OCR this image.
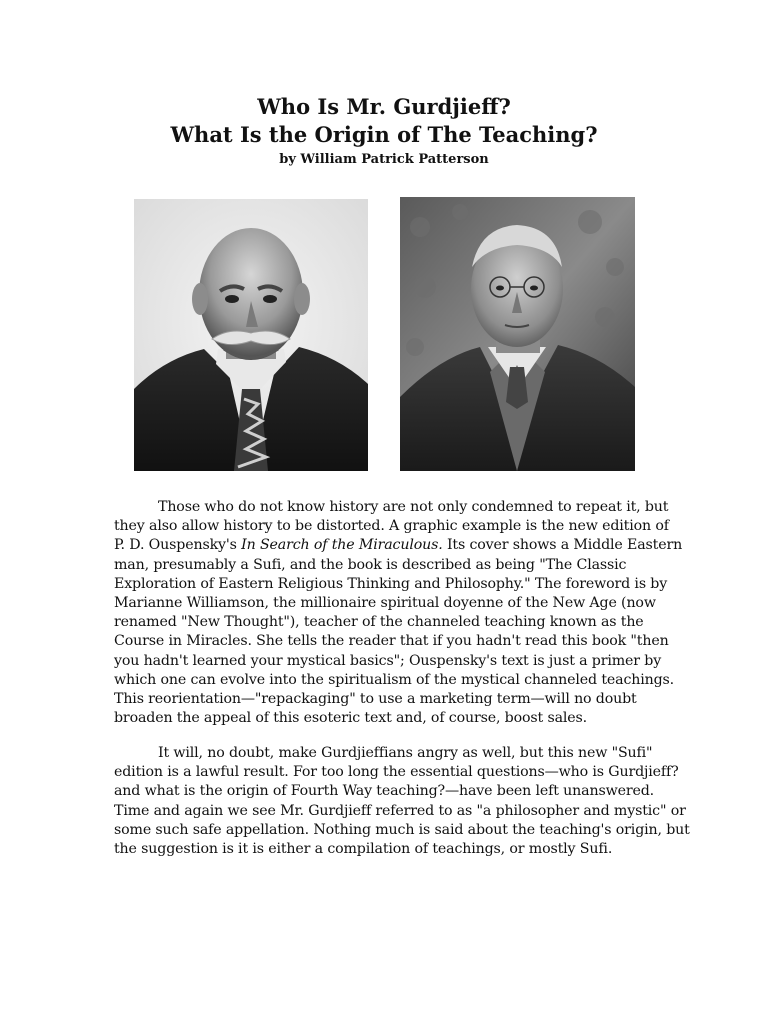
Who Is Mr. Gurdjieff?
What Is the Origin of The Teaching?
by William Patrick Patterson

Those who do not know history are not only condemned to repeat it, but
they also allow history to be distorted. A graphic example is the new edition of
P. D. Ouspensky's In Search of the Miraculous. Its cover shows a Middle Eastern
man, presumably a Sufi, and the book is described as being "The Classic
Exploration of Eastern Religious Thinking and Philosophy." The foreword is by
Marianne Williamson, the millionaire spiritual doyenne of the New Age (now
renamed "New Thought"), teacher of the channeled teaching known as the
Course in Miracles. She tells the reader that if you hadn't read this book "then
you hadn't learned your mystical basics"; Ouspensky's text is just a primer by
which one can evolve into the spiritualism of the mystical channeled teachings.
This reorientation—"repackaging" to use a marketing term—will no doubt
broaden the appeal of this esoteric text and, of course, boost sales.

It will, no doubt, make Gurdjieffians angry as well, but this new "Sufi"
edition is a lawful result. For too long the essential questions—who is Gurdjieff?
and what is the origin of Fourth Way teaching?—have been left unanswered.
Time and again we see Mr. Gurdjieff referred to as "a philosopher and mystic" or
some such safe appellation. Nothing much is said about the teaching's origin, but
the suggestion is it is either a compilation of teachings, or mostly Sufi.
